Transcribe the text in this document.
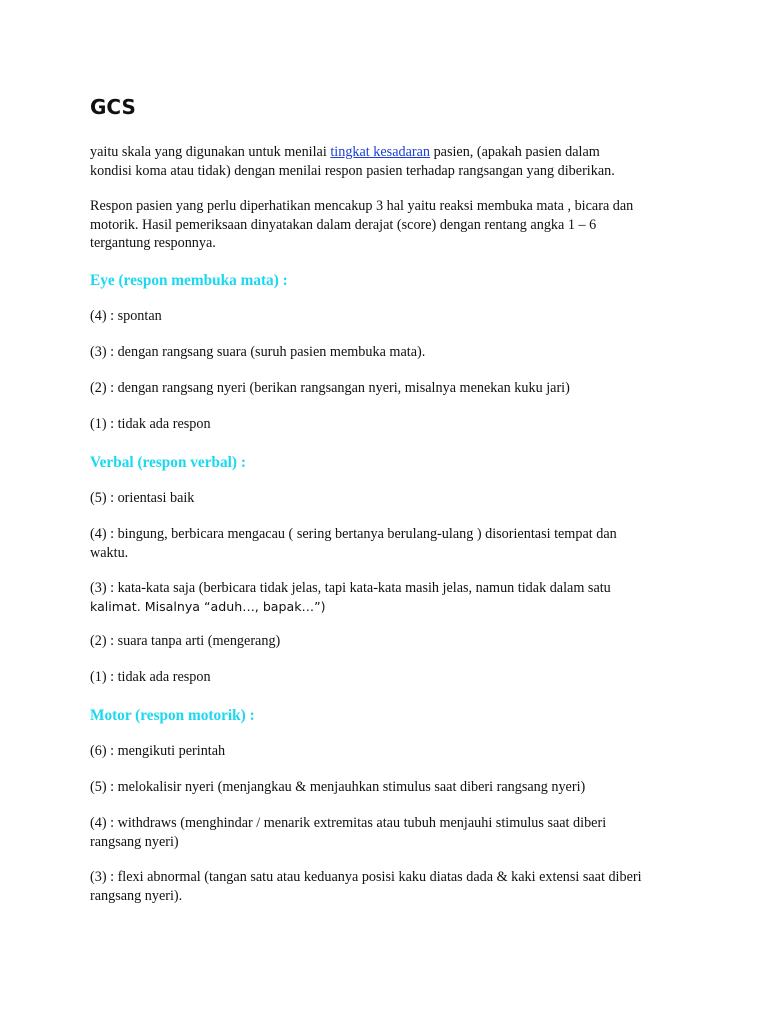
GCS

yaitu skala yang digunakan untuk menilai tingkat kesadaran pasien, (apakah pasien dalam
kondisi koma atau tidak) dengan menilai respon pasien terhadap rangsangan yang diberikan.

Respon pasien yang perlu diperhatikan mencakup 3 hal yaitu reaksi membuka mata , bicara dan
motorik. Hasil pemeriksaan dinyatakan dalam derajat (score) dengan rentang angka 1 – 6
tergantung responnya.

Eye (respon membuka mata) :

(4) : spontan

(3) : dengan rangsang suara (suruh pasien membuka mata).

(2) : dengan rangsang nyeri (berikan rangsangan nyeri, misalnya menekan kuku jari)

(1) : tidak ada respon

Verbal (respon verbal) :

(5) : orientasi baik

(4) : bingung, berbicara mengacau ( sering bertanya berulang-ulang ) disorientasi tempat dan
waktu.

(3) : kata-kata saja (berbicara tidak jelas, tapi kata-kata masih jelas, namun tidak dalam satu
kalimat. Misalnya “aduh…, bapak…”)

(2) : suara tanpa arti (mengerang)

(1) : tidak ada respon

Motor (respon motorik) :

(6) : mengikuti perintah

(5) : melokalisir nyeri (menjangkau & menjauhkan stimulus saat diberi rangsang nyeri)

(4) : withdraws (menghindar / menarik extremitas atau tubuh menjauhi stimulus saat diberi
rangsang nyeri)

(3) : flexi abnormal (tangan satu atau keduanya posisi kaku diatas dada & kaki extensi saat diberi
rangsang nyeri).
